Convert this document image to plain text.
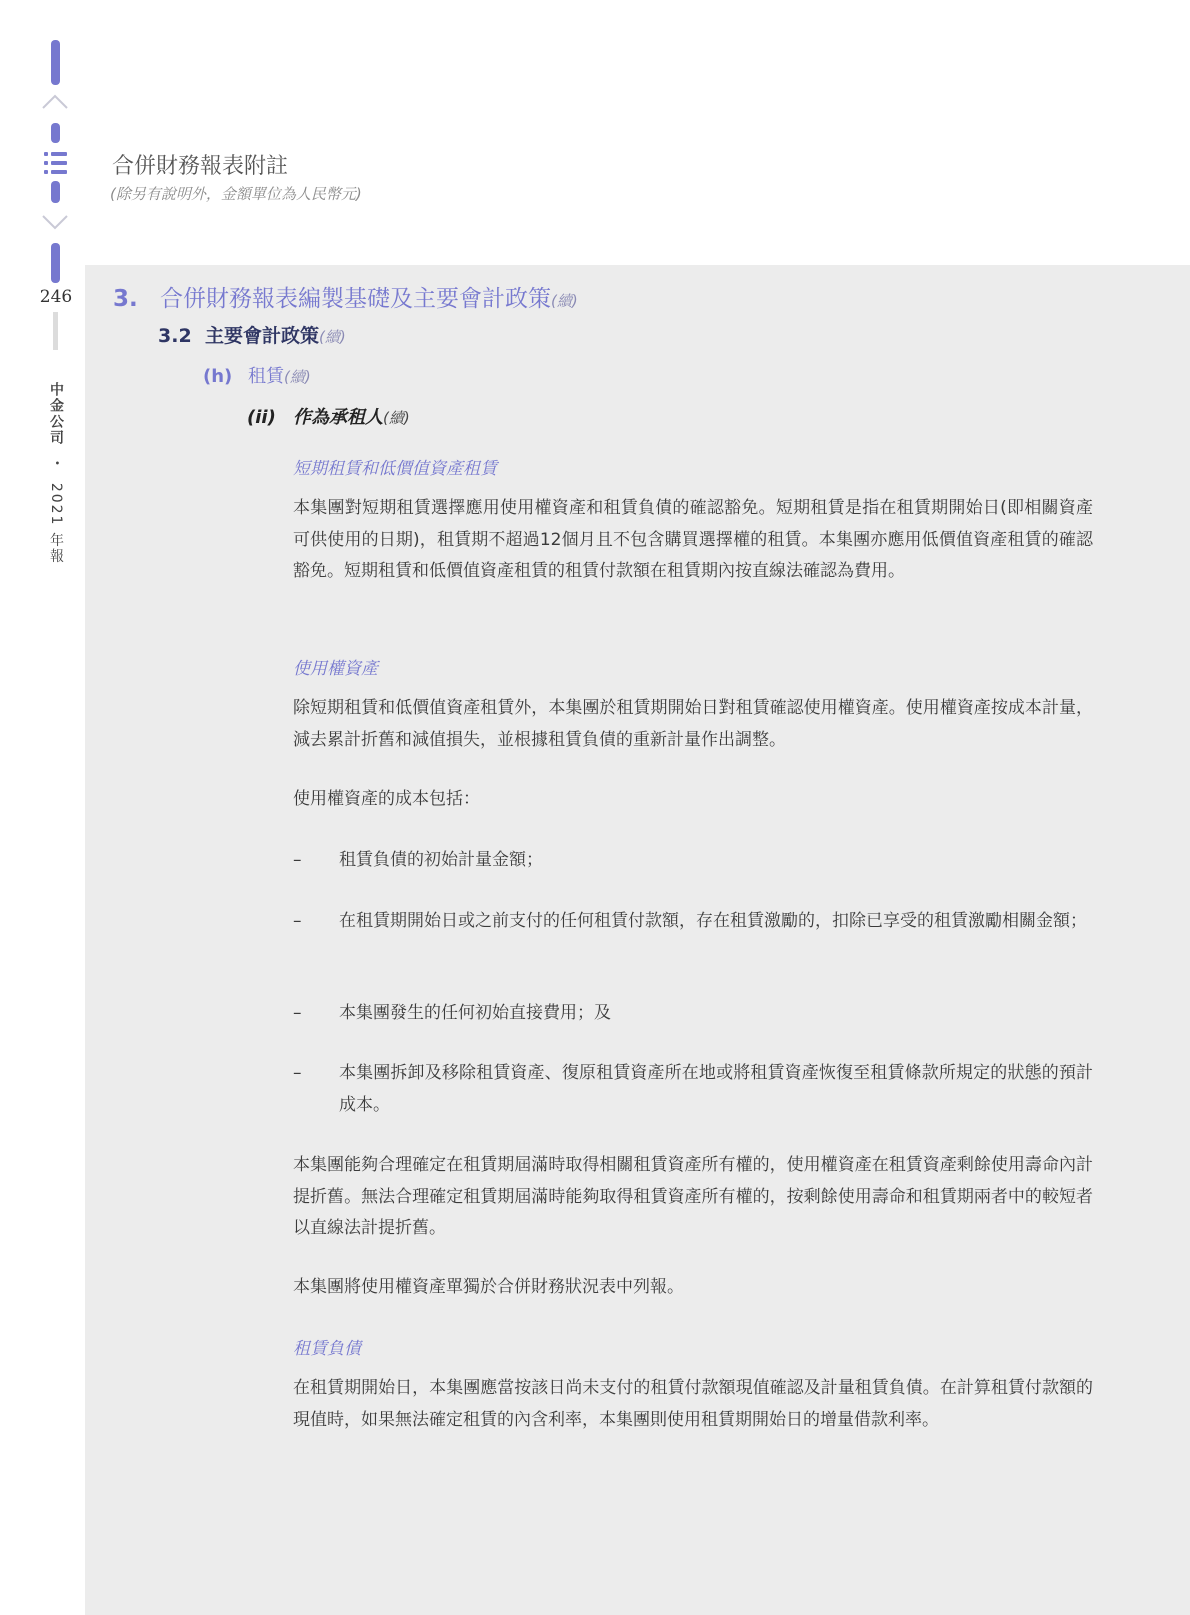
246
中金公司 • 2021 年報
合併財務報表附註
(除另有說明外，金額單位為人民幣元)
3. 合併財務報表編製基礎及主要會計政策(續)
3.2 主要會計政策(續)
(h) 租賃(續)
(ii) 作為承租人(續)
短期租賃和低價值資產租賃
本集團對短期租賃選擇應用使用權資產和租賃負債的確認豁免。短期租賃是指在租賃期開始日(即相關資產可供使用的日期)，租賃期不超過12個月且不包含購買選擇權的租賃。本集團亦應用低價值資產租賃的確認豁免。短期租賃和低價值資產租賃的租賃付款額在租賃期內按直線法確認為費用。
使用權資產
除短期租賃和低價值資產租賃外，本集團於租賃期開始日對租賃確認使用權資產。使用權資產按成本計量，減去累計折舊和減值損失，並根據租賃負債的重新計量作出調整。
使用權資產的成本包括：
–	租賃負債的初始計量金額；
–	在租賃期開始日或之前支付的任何租賃付款額，存在租賃激勵的，扣除已享受的租賃激勵相關金額；
–	本集團發生的任何初始直接費用；及
–	本集團拆卸及移除租賃資產、復原租賃資產所在地或將租賃資產恢復至租賃條款所規定的狀態的預計成本。
本集團能夠合理確定在租賃期屆滿時取得相關租賃資產所有權的，使用權資產在租賃資產剩餘使用壽命內計提折舊。無法合理確定租賃期屆滿時能夠取得租賃資產所有權的，按剩餘使用壽命和租賃期兩者中的較短者以直線法計提折舊。
本集團將使用權資產單獨於合併財務狀況表中列報。
租賃負債
在租賃期開始日，本集團應當按該日尚未支付的租賃付款額現值確認及計量租賃負債。在計算租賃付款額的現值時，如果無法確定租賃的內含利率，本集團則使用租賃期開始日的增量借款利率。
